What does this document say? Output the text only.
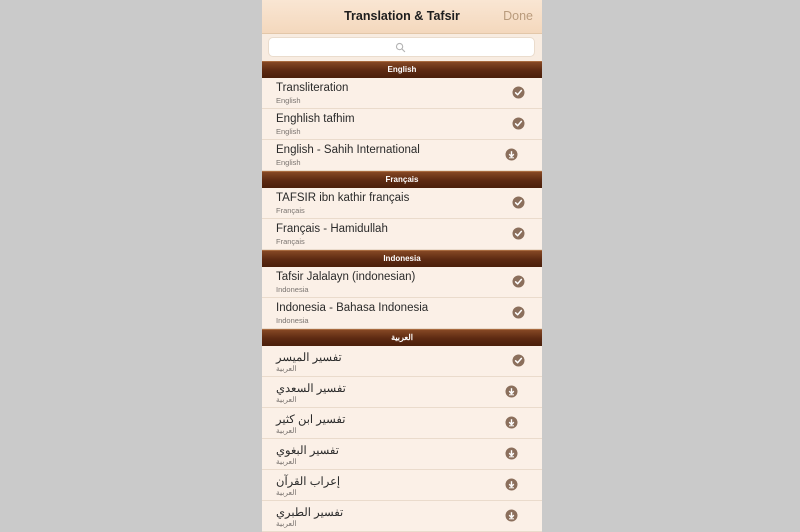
Translation & Tafsir	Done
English
Transliteration
English
Enghlish tafhim
English
English - Sahih International
English
Français
TAFSIR ibn kathir français
Français
Français - Hamidullah
Français
Indonesia
Tafsir Jalalayn (indonesian)
Indonesia
Indonesia - Bahasa Indonesia
Indonesia
العربية
تفسير الميسر
العربية
تفسير السعدي
العربية
تفسير ابن كثير
العربية
تفسير البغوي
العربية
إعراب القرآن
العربية
تفسير الطبري
العربية
